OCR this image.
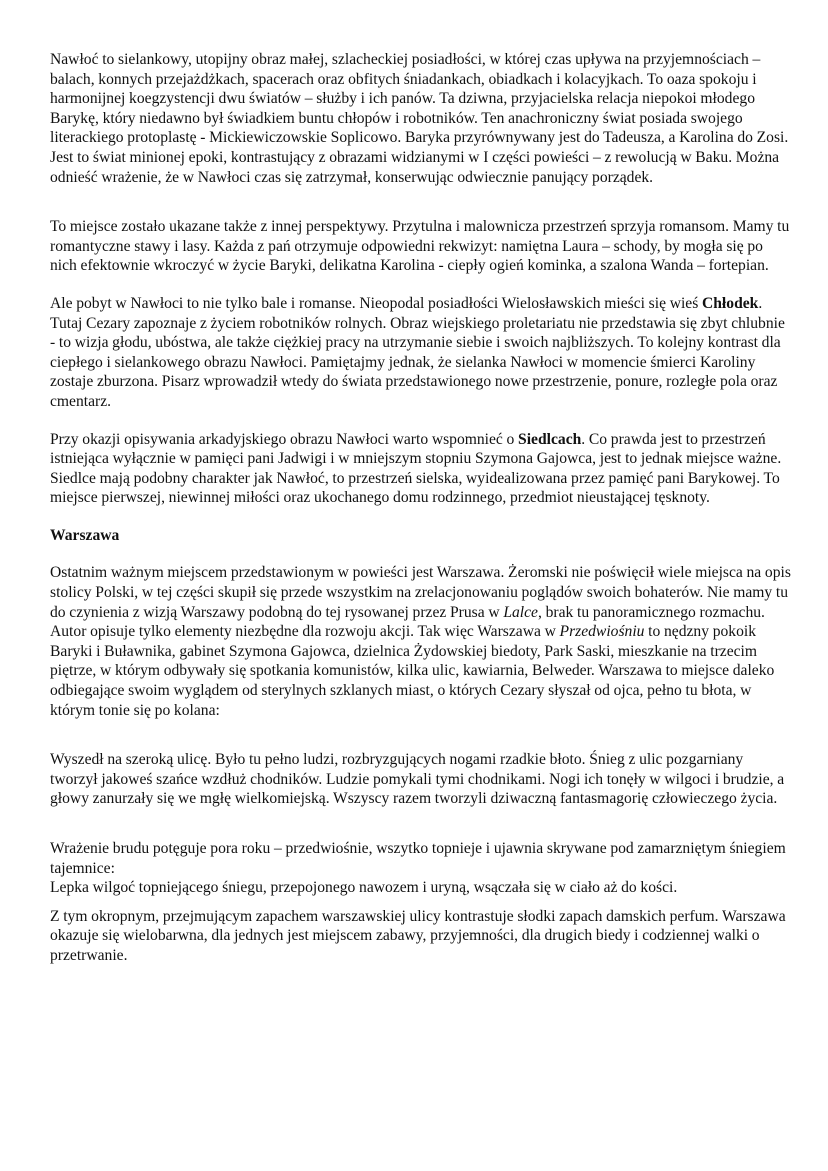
Nawłoć to sielankowy, utopijny obraz małej, szlacheckiej posiadłości, w której czas upływa na przyjemnościach – balach, konnych przejażdżkach, spacerach oraz obfitych śniadankach, obiadkach i kolacyjkach. To oaza spokoju i harmonijnej koegzystencji dwu światów – służby i ich panów. Ta dziwna, przyjacielska relacja niepokoi młodego Barykę, który niedawno był świadkiem buntu chłopów i robotników. Ten anachroniczny świat posiada swojego literackiego protoplastę - Mickiewiczowskie Soplicowo. Baryka przyrównywany jest do Tadeusza, a Karolina do Zosi. Jest to świat minionej epoki, kontrastujący z obrazami widzianymi w I części powieści – z rewolucją w Baku. Można odnieść wrażenie, że w Nawłoci czas się zatrzymał, konserwując odwiecznie panujący porządek.

To miejsce zostało ukazane także z innej perspektywy. Przytulna i malownicza przestrzeń sprzyja romansom. Mamy tu romantyczne stawy i lasy. Każda z pań otrzymuje odpowiedni rekwizyt: namiętna Laura – schody, by mogła się po nich efektownie wkroczyć w życie Baryki, delikatna Karolina - ciepły ogień kominka, a szalona Wanda – fortepian.

Ale pobyt w Nawłoci to nie tylko bale i romanse. Nieopodal posiadłości Wielosławskich mieści się wieś Chłodek. Tutaj Cezary zapoznaje z życiem robotników rolnych. Obraz wiejskiego proletariatu nie przedstawia się zbyt chlubnie - to wizja głodu, ubóstwa, ale także ciężkiej pracy na utrzymanie siebie i swoich najbliższych. To kolejny kontrast dla ciepłego i sielankowego obrazu Nawłoci. Pamiętajmy jednak, że sielanka Nawłoci w momencie śmierci Karoliny zostaje zburzona. Pisarz wprowadził wtedy do świata przedstawionego nowe przestrzenie, ponure, rozległe pola oraz cmentarz.

Przy okazji opisywania arkadyjskiego obrazu Nawłoci warto wspomnieć o Siedlcach. Co prawda jest to przestrzeń istniejąca wyłącznie w pamięci pani Jadwigi i w mniejszym stopniu Szymona Gajowca, jest to jednak miejsce ważne. Siedlce mają podobny charakter jak Nawłoć, to przestrzeń sielska, wyidealizowana przez pamięć pani Barykowej. To miejsce pierwszej, niewinnej miłości oraz ukochanego domu rodzinnego, przedmiot nieustającej tęsknoty.

Warszawa

Ostatnim ważnym miejscem przedstawionym w powieści jest Warszawa. Żeromski nie poświęcił wiele miejsca na opis stolicy Polski, w tej części skupił się przede wszystkim na zrelacjonowaniu poglądów swoich bohaterów. Nie mamy tu do czynienia z wizją Warszawy podobną do tej rysowanej przez Prusa w Lalce, brak tu panoramicznego rozmachu. Autor opisuje tylko elementy niezbędne dla rozwoju akcji. Tak więc Warszawa w Przedwiośniu to nędzny pokoik Baryki i Buławnika, gabinet Szymona Gajowca, dzielnica Żydowskiej biedoty, Park Saski, mieszkanie na trzecim piętrze, w którym odbywały się spotkania komunistów, kilka ulic, kawiarnia, Belweder. Warszawa to miejsce daleko odbiegające swoim wyglądem od sterylnych szklanych miast, o których Cezary słyszał od ojca, pełno tu błota, w którym tonie się po kolana:

Wyszedł na szeroką ulicę. Było tu pełno ludzi, rozbryzgujących nogami rzadkie błoto. Śnieg z ulic pozgarniany tworzył jakoweś szańce wzdłuż chodników. Ludzie pomykali tymi chodnikami. Nogi ich tonęły w wilgoci i brudzie, a głowy zanurzały się we mgłę wielkomiejską. Wszyscy razem tworzyli dziwaczną fantasmagorię człowieczego życia.

Wrażenie brudu potęguje pora roku – przedwiośnie, wszytko topnieje i ujawnia skrywane pod zamarzniętym śniegiem tajemnice:

Lepka wilgoć topniejącego śniegu, przepojonego nawozem i uryną, wsączała się w ciało aż do kości.

Z tym okropnym, przejmującym zapachem warszawskiej ulicy kontrastuje słodki zapach damskich perfum. Warszawa okazuje się wielobarwna, dla jednych jest miejscem zabawy, przyjemności, dla drugich biedy i codziennej walki o przetrwanie.
